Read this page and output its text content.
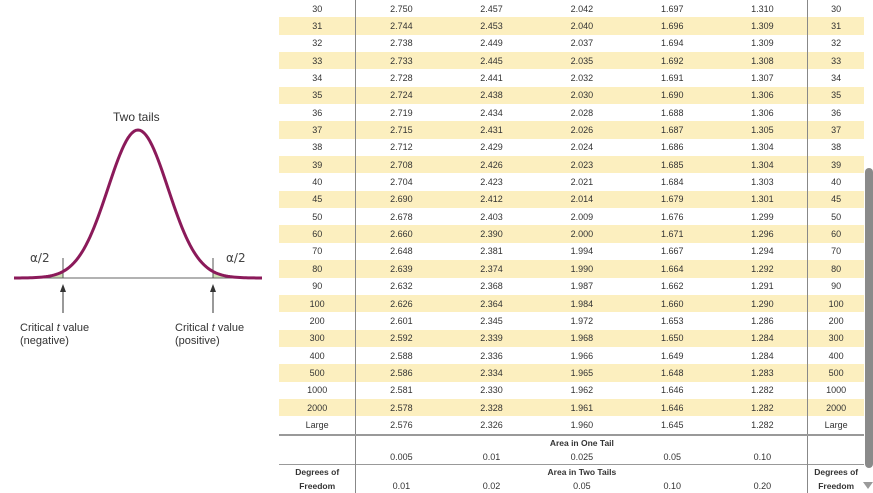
Two tails

α/2	α/2

Critical t value
(negative)

Critical t value
(positive)

30	2.750	2.457	2.042	1.697	1.310	30
31	2.744	2.453	2.040	1.696	1.309	31
32	2.738	2.449	2.037	1.694	1.309	32
33	2.733	2.445	2.035	1.692	1.308	33
34	2.728	2.441	2.032	1.691	1.307	34
35	2.724	2.438	2.030	1.690	1.306	35
36	2.719	2.434	2.028	1.688	1.306	36
37	2.715	2.431	2.026	1.687	1.305	37
38	2.712	2.429	2.024	1.686	1.304	38
39	2.708	2.426	2.023	1.685	1.304	39
40	2.704	2.423	2.021	1.684	1.303	40
45	2.690	2.412	2.014	1.679	1.301	45
50	2.678	2.403	2.009	1.676	1.299	50
60	2.660	2.390	2.000	1.671	1.296	60
70	2.648	2.381	1.994	1.667	1.294	70
80	2.639	2.374	1.990	1.664	1.292	80
90	2.632	2.368	1.987	1.662	1.291	90
100	2.626	2.364	1.984	1.660	1.290	100
200	2.601	2.345	1.972	1.653	1.286	200
300	2.592	2.339	1.968	1.650	1.284	300
400	2.588	2.336	1.966	1.649	1.284	400
500	2.586	2.334	1.965	1.648	1.283	500
1000	2.581	2.330	1.962	1.646	1.282	1000
2000	2.578	2.328	1.961	1.646	1.282	2000
Large	2.576	2.326	1.960	1.645	1.282	Large
	Area in One Tail					
	0.005	0.01	0.025	0.05	0.10	
Degrees of	Area in Two Tails					Degrees of
Freedom	0.01	0.02	0.05	0.10	0.20	Freedom
